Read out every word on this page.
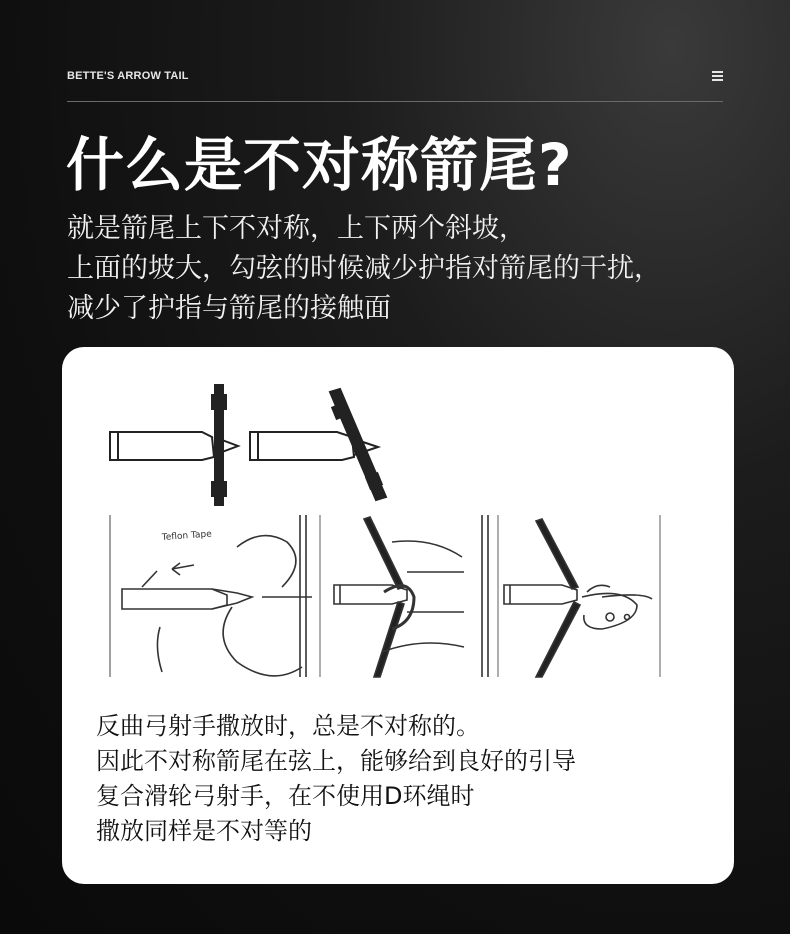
BETTE'S ARROW TAIL
什么是不对称箭尾?
就是箭尾上下不对称，上下两个斜坡，
上面的坡大，勾弦的时候减少护指对箭尾的干扰，
减少了护指与箭尾的接触面
Teflon Tape
反曲弓射手撒放时，总是不对称的。
因此不对称箭尾在弦上，能够给到良好的引导
复合滑轮弓射手，在不使用D环绳时
撒放同样是不对等的
